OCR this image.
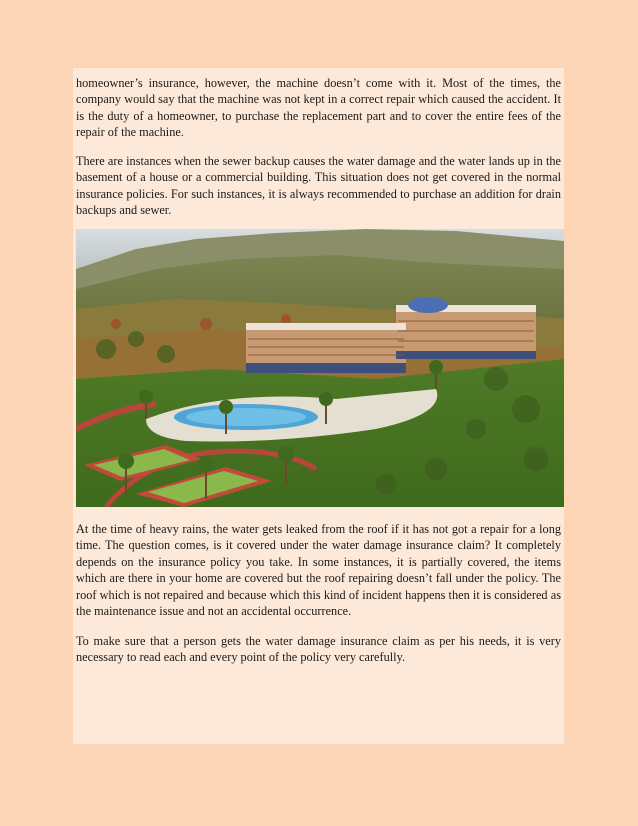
homeowner’s insurance, however, the machine doesn’t come with it. Most of the times, the company would say that the machine was not kept in a correct repair which caused the accident. It is the duty of a homeowner, to purchase the replacement part and to cover the entire fees of the repair of the machine.

There are instances when the sewer backup causes the water damage and the water lands up in the basement of a house or a commercial building. This situation does not get covered in the normal insurance policies. For such instances, it is always recommended to purchase an addition for drain backups and sewer.

At the time of heavy rains, the water gets leaked from the roof if it has not got a repair for a long time. The question comes, is it covered under the water damage insurance claim? It completely depends on the insurance policy you take. In some instances, it is partially covered, the items which are there in your home are covered but the roof repairing doesn’t fall under the policy. The roof which is not repaired and because which this kind of incident happens then it is considered as the maintenance issue and not an accidental occurrence.

To make sure that a person gets the water damage insurance claim as per his needs, it is very necessary to read each and every point of the policy very carefully.
